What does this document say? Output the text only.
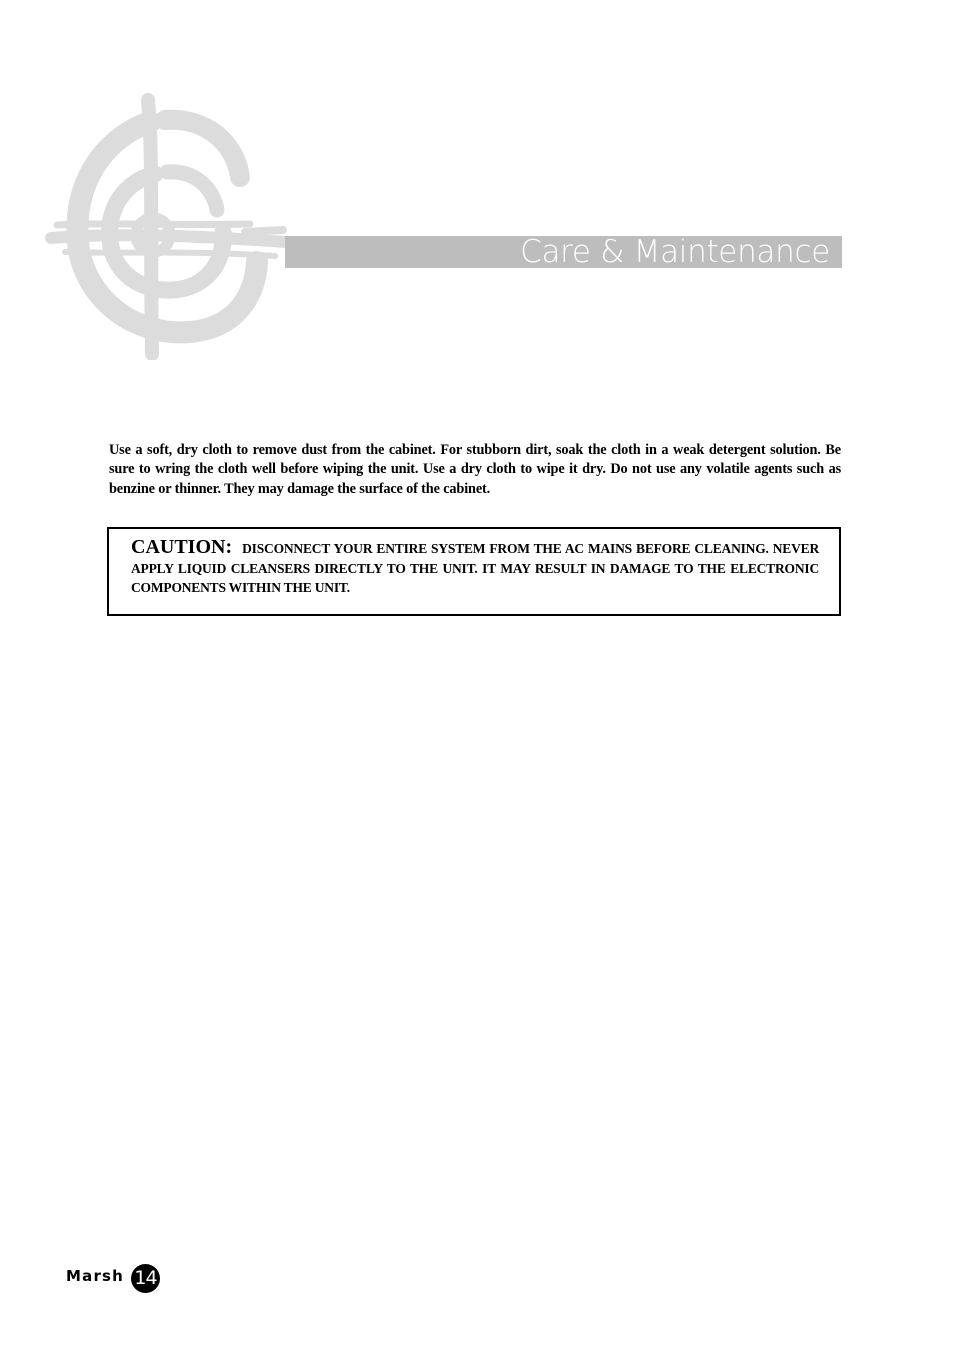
Care & Maintenance

Use a soft, dry cloth to remove dust from the cabinet. For stubborn dirt, soak the cloth in a weak detergent solution. Be sure to wring the cloth well before wiping the unit. Use a dry cloth to wipe it dry. Do not use any volatile agents such as benzine or thinner. They may damage the surface of the cabinet.

CAUTION: DISCONNECT YOUR ENTIRE SYSTEM FROM THE AC MAINS BEFORE CLEANING. NEVER APPLY LIQUID CLEANSERS DIRECTLY TO THE UNIT. IT MAY RESULT IN DAMAGE TO THE ELECTRONIC COMPONENTS WITHIN THE UNIT.

Marsh 14
